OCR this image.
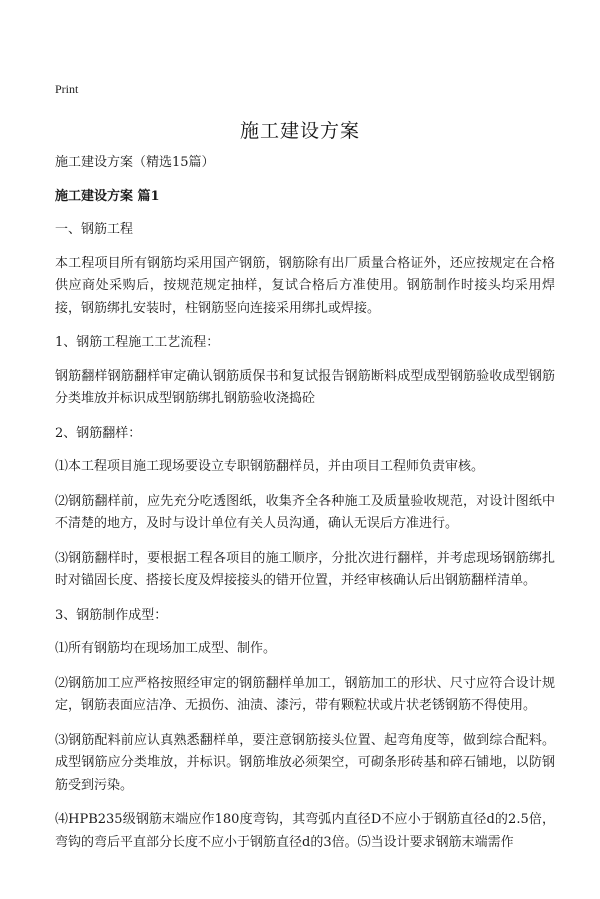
Print
施工建设方案

施工建设方案（精选15篇）

施工建设方案 篇1

一、钢筋工程

本工程项目所有钢筋均采用国产钢筋，钢筋除有出厂质量合格证外，还应按规定在合格供应商处采购后，按规范规定抽样，复试合格后方准使用。钢筋制作时接头均采用焊接，钢筋绑扎安装时，柱钢筋竖向连接采用绑扎或焊接。

1、钢筋工程施工工艺流程：

钢筋翻样钢筋翻样审定确认钢筋质保书和复试报告钢筋断料成型成型钢筋验收成型钢筋分类堆放并标识成型钢筋绑扎钢筋验收浇捣砼

2、钢筋翻样：

⑴本工程项目施工现场要设立专职钢筋翻样员，并由项目工程师负责审核。

⑵钢筋翻样前，应先充分吃透图纸，收集齐全各种施工及质量验收规范，对设计图纸中不清楚的地方，及时与设计单位有关人员沟通，确认无误后方准进行。

⑶钢筋翻样时，要根据工程各项目的施工顺序，分批次进行翻样，并考虑现场钢筋绑扎时对锚固长度、搭接长度及焊接接头的错开位置，并经审核确认后出钢筋翻样清单。

3、钢筋制作成型：

⑴所有钢筋均在现场加工成型、制作。

⑵钢筋加工应严格按照经审定的钢筋翻样单加工，钢筋加工的形状、尺寸应符合设计规定，钢筋表面应洁净、无损伤、油渍、漆污，带有颗粒状或片状老锈钢筋不得使用。

⑶钢筋配料前应认真熟悉翻样单，要注意钢筋接头位置、起弯角度等，做到综合配料。成型钢筋应分类堆放，并标识。钢筋堆放必须架空，可砌条形砖基和碎石铺地，以防钢筋受到污染。

⑷HPB235级钢筋末端应作180度弯钩，其弯弧内直径D不应小于钢筋直径d的2.5倍，弯钩的弯后平直部分长度不应小于钢筋直径d的3倍。⑸当设计要求钢筋末端需作
